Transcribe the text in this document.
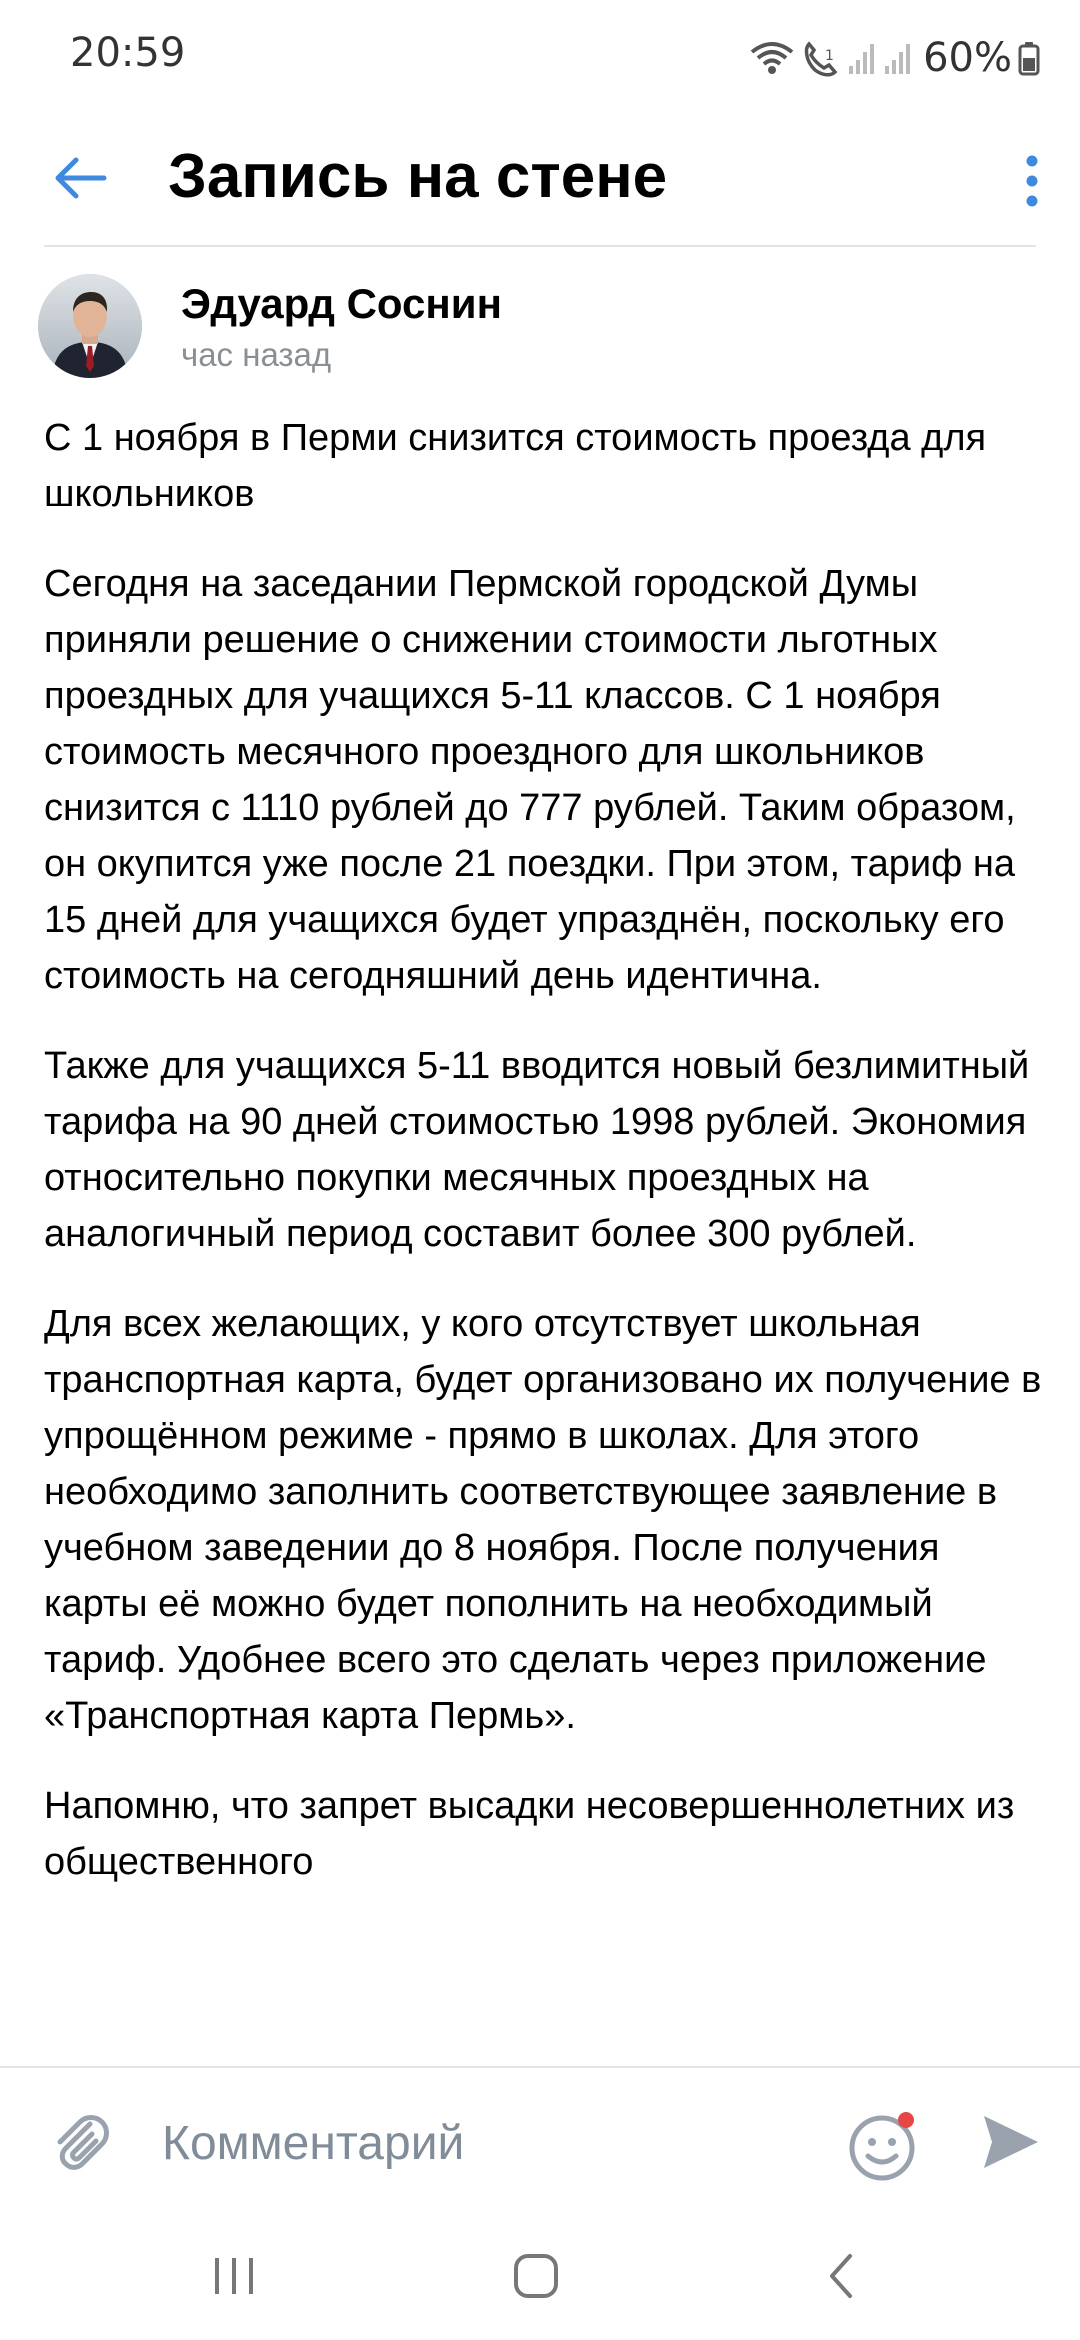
20:59	1 60%
Запись на стене
Эдуард Соснин
час назад

С 1 ноября в Перми снизится стоимость проезда для школьников

Сегодня на заседании Пермской городской Думы приняли решение о снижении стоимости льготных проездных для учащихся 5-11 классов. С 1 ноября стоимость месячного проездного для школьников снизится с 1110 рублей до 777 рублей. Таким образом, он окупится уже после 21 поездки. При этом, тариф на 15 дней для учащихся будет упразднён, поскольку его стоимость на сегодняшний день идентична.

Также для учащихся 5-11 вводится новый безлимитный тарифа на 90 дней стоимостью 1998 рублей. Экономия относительно покупки месячных проездных на аналогичный период составит более 300 рублей.

Для всех желающих, у кого отсутствует школьная транспортная карта, будет организовано их получение в упрощённом режиме - прямо в школах. Для этого необходимо заполнить соответствующее заявление в учебном заведении до 8 ноября. После получения карты её можно будет пополнить на необходимый тариф. Удобнее всего это сделать через приложение «Транспортная карта Пермь».

Напомню, что запрет высадки несовершеннолетних из общественного

Комментарий
